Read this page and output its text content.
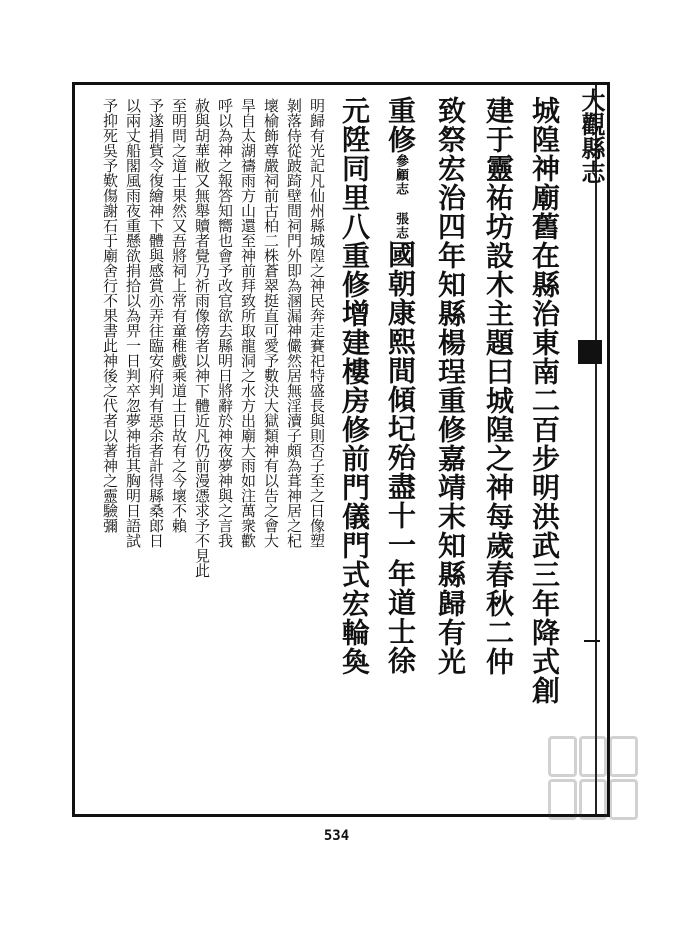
大觀縣志
城隍神廟舊在縣治東南二百步明洪武三年降式創
建于靈祐坊設木主題曰城隍之神每歲春秋二仲
致祭宏治四年知縣楊珵重修嘉靖末知縣歸有光
重修參顧志 張志國朝康熙間傾圮殆盡十一年道士徐
元陞同里八重修增建樓房修前門儀門式宏輪奐
明歸有光記凡仙州縣城隍之神民奔走賽祀特盛長與則否子至之日像塑
剝落侍從跛踦壁間祠門外即為溷漏神儼然居無淫瀆子頗為葺神居之杞
壞榆飾尊嚴祠前古柏二株蒼翠挺直可愛予數決大獄類神有以告之會大
旱自太湖禱雨方山還至神前拜致所取龍洞之水方出廟大雨如注萬衆歡
呼以為神之報答知嚮也會予改官欲去縣明日將辭於神夜夢神與之言我
赦與胡華敝又無舉贖者覺乃祈雨像傍者以神下體近凡仍前漫憑求予不見此
至明問之道士果然又吾將祠上常有童稚戲乘道士日故有之今壞不賴
予遂捐貲令復繪神下體與感賞亦弄往臨安府判有惡余者計得縣桑郎日
以兩丈船閣風雨夜重懸欲捐拾以為畀一日判卒忽夢神指其胸明日語試
予抑死吳予歎傷謝石于廟舍行不果書此神後之代者以著神之靈驗彌
534
